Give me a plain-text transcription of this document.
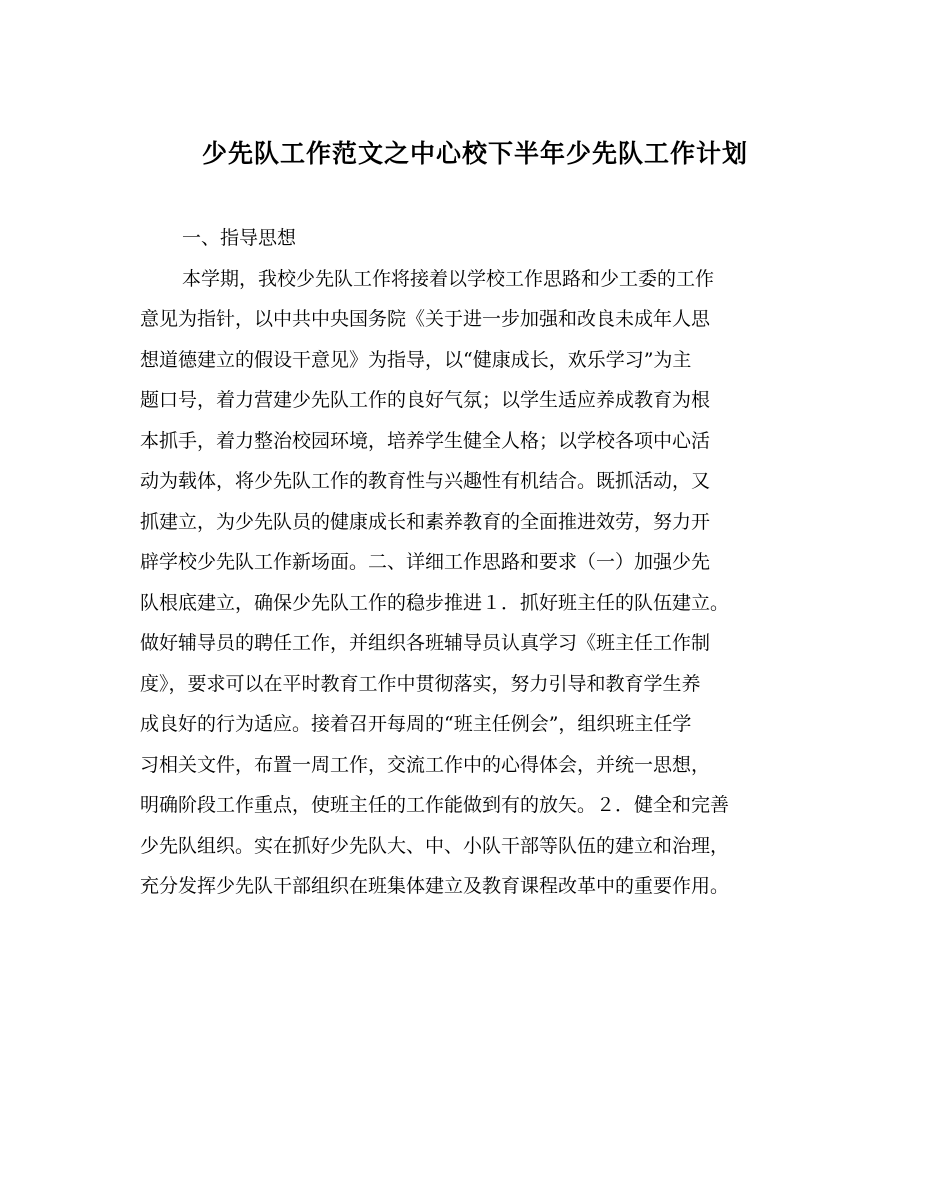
少先队工作范文之中心校下半年少先队工作计划
一、指导思想
本学期，我校少先队工作将接着以学校工作思路和少工委的工作
意见为指针，以中共中央国务院《关于进一步加强和改良未成年人思
想道德建立的假设干意见》为指导，以“健康成长，欢乐学习”为主
题口号，着力营建少先队工作的良好气氛；以学生适应养成教育为根
本抓手，着力整治校园环境，培养学生健全人格；以学校各项中心活
动为载体，将少先队工作的教育性与兴趣性有机结合。既抓活动，又
抓建立，为少先队员的健康成长和素养教育的全面推进效劳，努力开
辟学校少先队工作新场面。二、详细工作思路和要求（一）加强少先
队根底建立，确保少先队工作的稳步推进１．抓好班主任的队伍建立。
做好辅导员的聘任工作，并组织各班辅导员认真学习《班主任工作制
度》，要求可以在平时教育工作中贯彻落实，努力引导和教育学生养
成良好的行为适应。接着召开每周的“班主任例会”，组织班主任学
习相关文件，布置一周工作，交流工作中的心得体会，并统一思想，
明确阶段工作重点，使班主任的工作能做到有的放矢。２．健全和完善
少先队组织。实在抓好少先队大、中、小队干部等队伍的建立和治理，
充分发挥少先队干部组织在班集体建立及教育课程改革中的重要作用。
